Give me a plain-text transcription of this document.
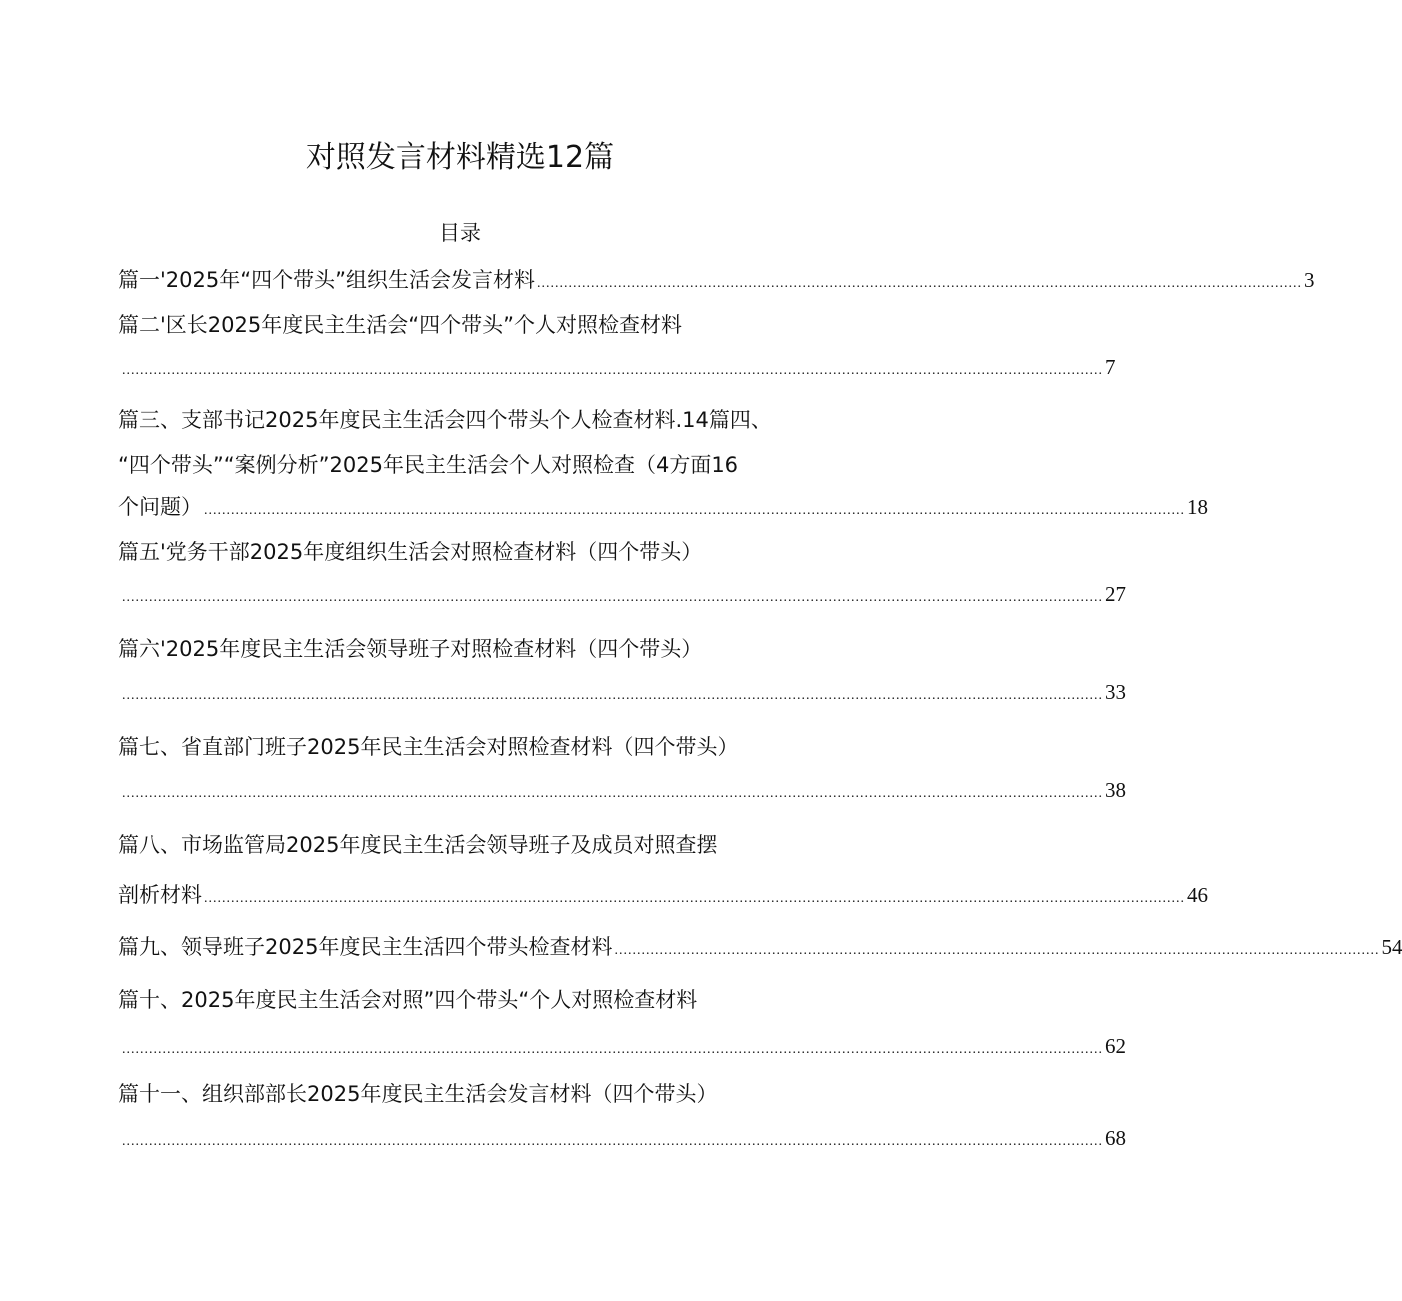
对照发言材料精选12篇
目录
篇一'2025年“四个带头”组织生活会发言材料 .......................................................................................................................................................................... 3
篇二'区长2025年度民主生活会“四个带头”个人对照检查材料
.......................................................................................................................................................................................................................... 7
篇三、支部书记2025年度民主生活会四个带头个人检查材料.14篇四、
“四个带头”“案例分析”2025年民主生活会个人对照检查（4方面16
个问题） .......................................................................................................................................................................................................................... 18
篇五'党务干部2025年度组织生活会对照检查材料（四个带头）
.......................................................................................................................................................................................................................... 27
篇六'2025年度民主生活会领导班子对照检查材料（四个带头）
.......................................................................................................................................................................................................................... 33
篇七、省直部门班子2025年民主生活会对照检查材料（四个带头）
.......................................................................................................................................................................................................................... 38
篇八、市场监管局2025年度民主生活会领导班子及成员对照查摆
剖析材料 .......................................................................................................................................................................................................................... 46
篇九、领导班子2025年度民主生活四个带头检查材料 .......................................................................................................................................................................... 54
篇十、2025年度民主生活会对照”四个带头“个人对照检查材料
.......................................................................................................................................................................................................................... 62
篇十一、组织部部长2025年度民主生活会发言材料（四个带头）
.......................................................................................................................................................................................................................... 68
